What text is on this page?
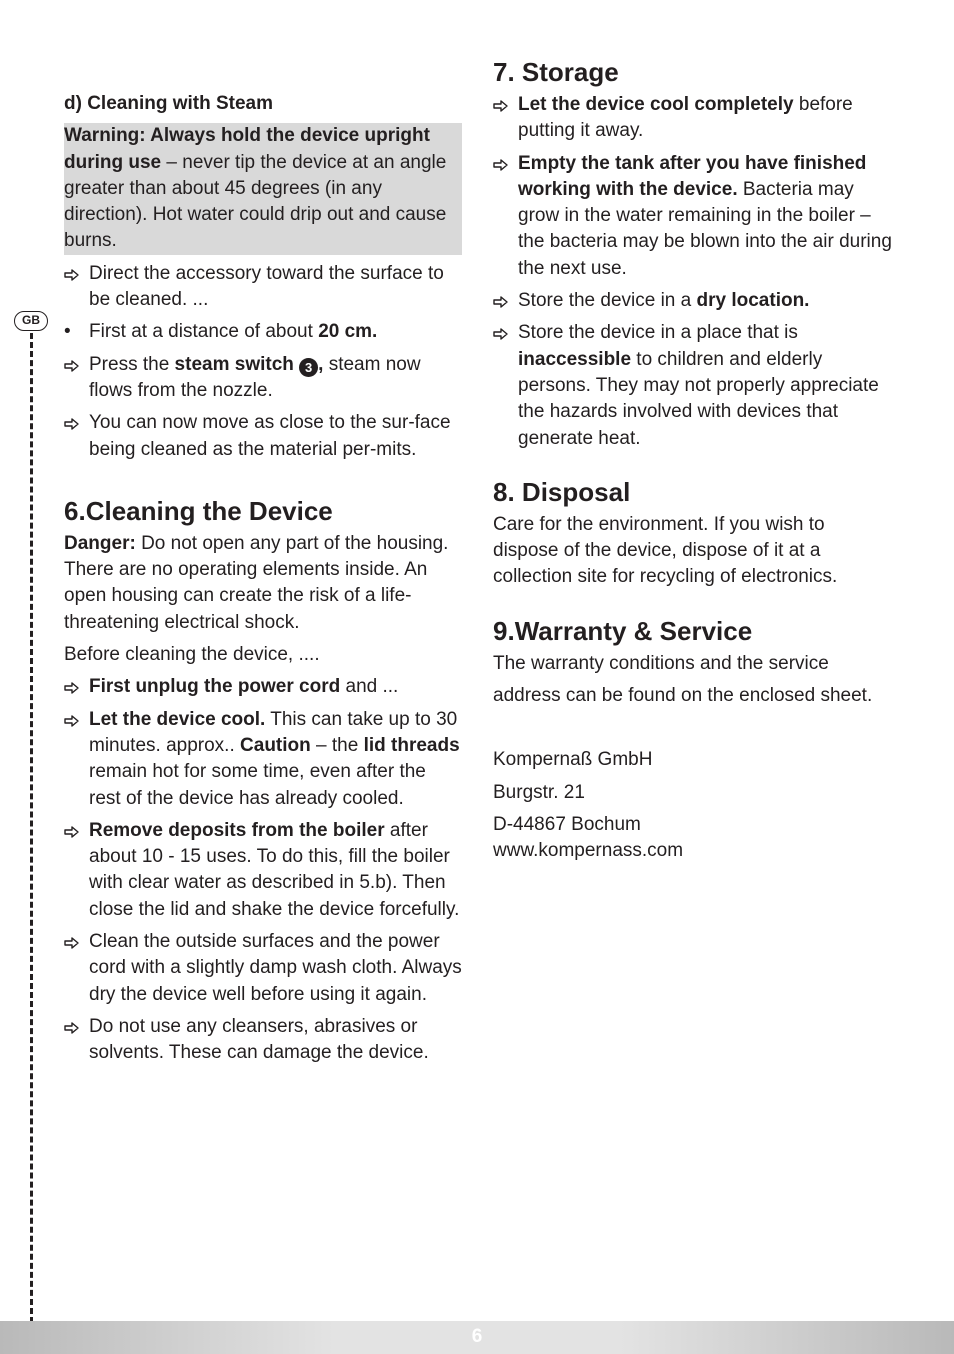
GB

d) Cleaning with Steam

Warning: Always hold the device upright during use – never tip the device at an angle greater than about 45 degrees (in any direction). Hot water could drip out and cause burns.

Direct the accessory toward the surface to be cleaned. ...
• First at a distance of about 20 cm.
Press the steam switch 3 , steam now flows from the nozzle.
You can now move as close to the sur-face being cleaned as the material per-mits.
6.Cleaning the Device

Danger: Do not open any part of the housing. There are no operating elements inside. An open housing can create the risk of a life-threatening electrical shock.

Before cleaning the device, ....

First unplug the power cord and ...
Let the device cool. This can take up to 30 minutes. approx.. Caution – the lid threads remain hot for some time, even after the rest of the device has already cooled.
Remove deposits from the boiler after about 10 - 15 uses. To do this, fill the boiler with clear water as described in 5.b). Then close the lid and shake the device forcefully.
Clean the outside surfaces and the power cord with a slightly damp wash cloth. Always dry the device well before using it again.
Do not use any cleansers, abrasives or solvents. These can damage the device.
7. Storage
Let the device cool completely before putting it away.
Empty the tank after you have finished working with the device. Bacteria may grow in the water remaining in the boiler – the bacteria may be blown into the air during the next use.
Store the device in a dry location.
Store the device in a place that is inaccessible to children and elderly persons. They may not properly appreciate the hazards involved with devices that generate heat.
8. Disposal

Care for the environment. If you wish to dispose of the device, dispose of it at a collection site for recycling of electronics.

9.Warranty & Service

The warranty conditions and the service

address can be found on the enclosed sheet.

Kompernaß GmbH

Burgstr. 21

D-44867 Bochum

www.kompernass.com

6
